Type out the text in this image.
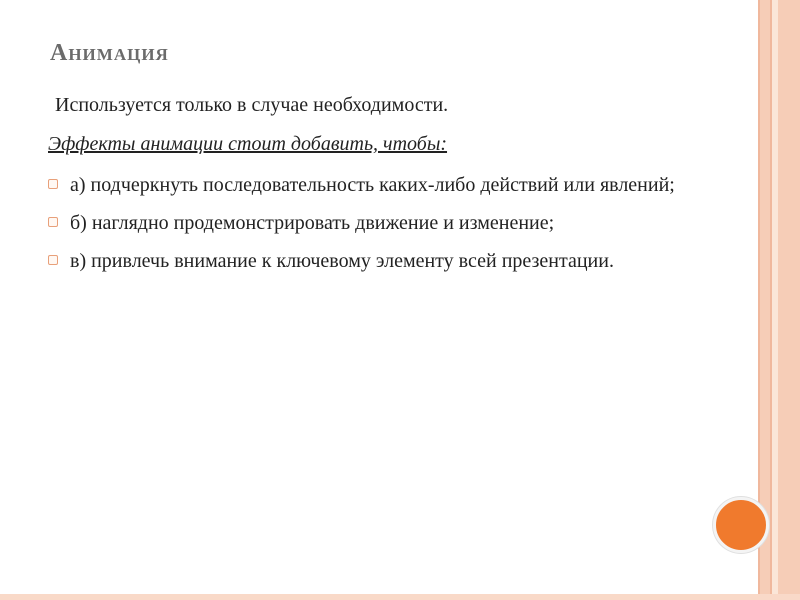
Анимация
Используется только в случае необходимости.
Эффекты анимации стоит добавить, чтобы:
а) подчеркнуть последовательность каких-либо действий или явлений;
б) наглядно продемонстрировать движение и изменение;
в) привлечь внимание к ключевому элементу всей презентации.
